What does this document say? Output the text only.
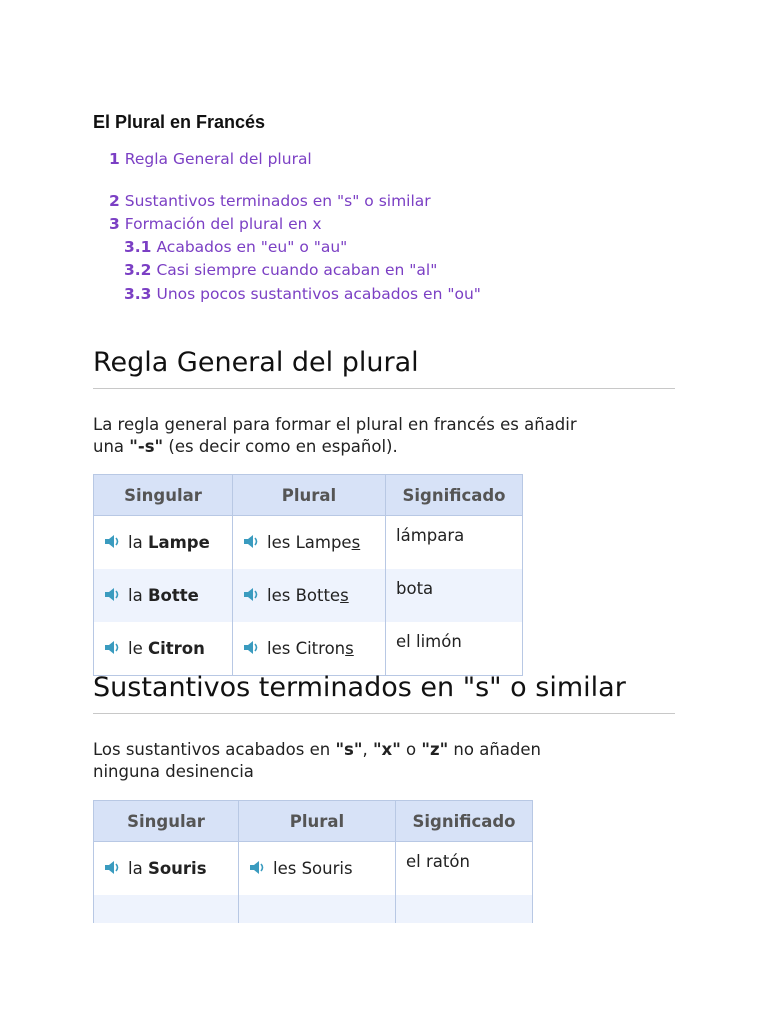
El Plural en Francés
1 Regla General del plural
2 Sustantivos terminados en "s" o similar
3 Formación del plural en x
3.1 Acabados en "eu" o "au"
3.2 Casi siempre cuando acaban en "al"
3.3 Unos pocos sustantivos acabados en "ou"
Regla General del plural

La regla general para formar el plural en francés es añadir
una "-s" (es decir como en español).

Singular	Plural	Significado
la Lampe	les Lampes	lámpara
la Botte	les Bottes	bota
le Citron	les Citrons	el limón
Sustantivos terminados en "s" o similar

Los sustantivos acabados en "s", "x" o "z" no añaden
ninguna desinencia

Singular	Plural	Significado
la Souris	les Souris	el ratón
